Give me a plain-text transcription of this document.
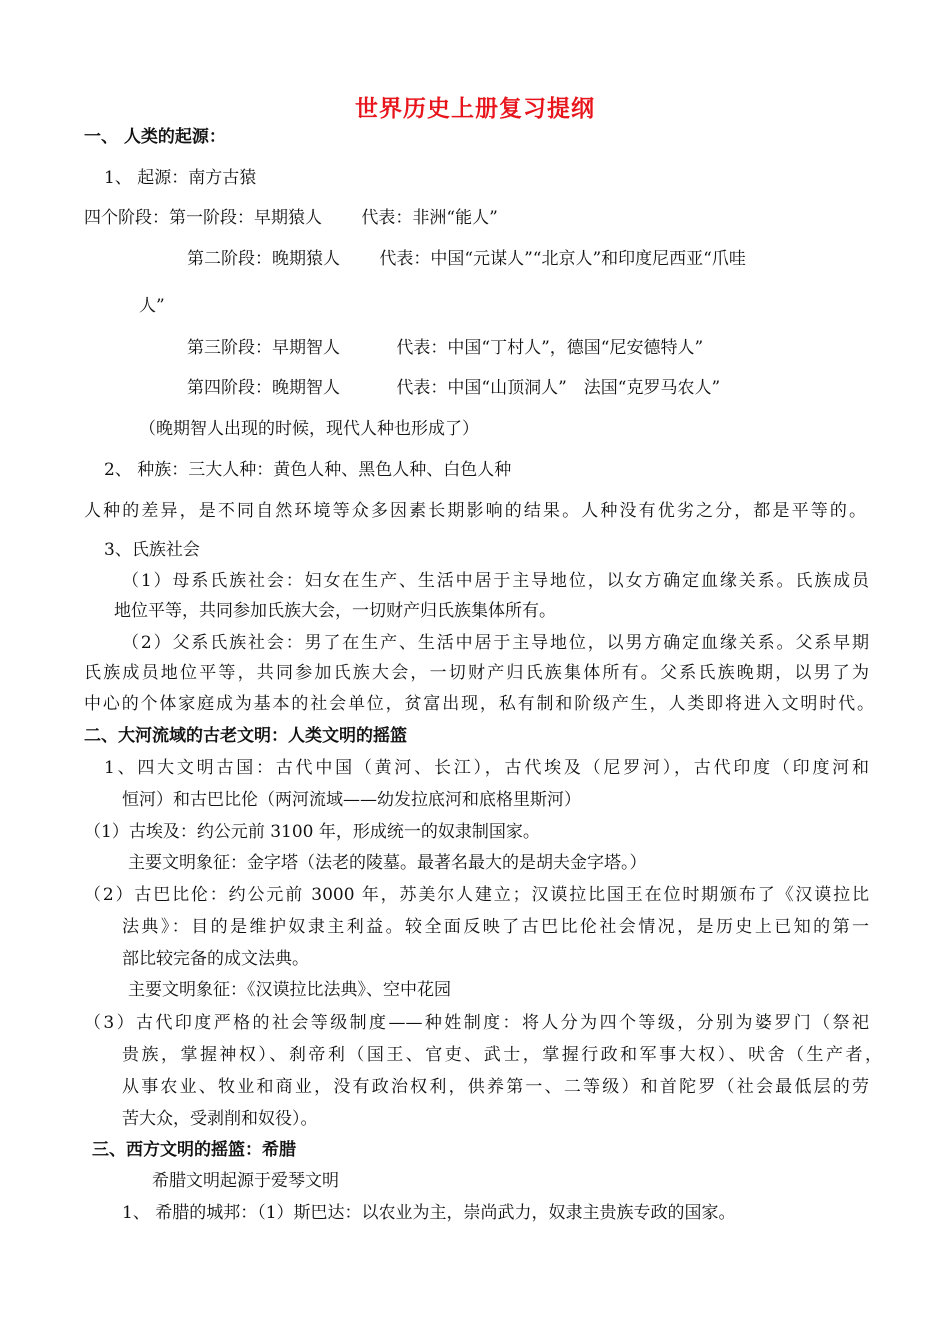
世界历史上册复习提纲
一、 人类的起源：
1、 起源：南方古猿
四个阶段：第一阶段：早期猿人　　 代表：非洲“能人”
第二阶段：晚期猿人　　 代表：中国“元谋人”“北京人”和印度尼西亚“爪哇
人”
第三阶段：早期智人　　　 代表：中国“丁村人”，德国“尼安德特人”
第四阶段：晚期智人　　　 代表：中国“山顶洞人”　法国“克罗马农人”
（晚期智人出现的时候，现代人种也形成了）
2、 种族：三大人种：黄色人种、黑色人种、白色人种
人种的差异，是不同自然环境等众多因素长期影响的结果。人种没有优劣之分，都是平等的。
3、氏族社会
（1）母系氏族社会：妇女在生产、生活中居于主导地位，以女方确定血缘关系。氏族成员
地位平等，共同参加氏族大会，一切财产归氏族集体所有。
（2）父系氏族社会：男了在生产、生活中居于主导地位，以男方确定血缘关系。父系早期
氏族成员地位平等，共同参加氏族大会，一切财产归氏族集体所有。父系氏族晚期，以男了为
中心的个体家庭成为基本的社会单位，贫富出现，私有制和阶级产生，人类即将进入文明时代。
二、大河流域的古老文明：人类文明的摇篮
1、四大文明古国：古代中国（黄河、长江），古代埃及（尼罗河），古代印度（印度河和
恒河）和古巴比伦（两河流域——幼发拉底河和底格里斯河）
（1）古埃及：约公元前 3100 年，形成统一的奴隶制国家。
主要文明象征：金字塔（法老的陵墓。最著名最大的是胡夫金字塔。）
（2）古巴比伦：约公元前 3000 年，苏美尔人建立；汉谟拉比国王在位时期颁布了《汉谟拉比
法典》：目的是维护奴隶主利益。较全面反映了古巴比伦社会情况，是历史上已知的第一
部比较完备的成文法典。
主要文明象征：《汉谟拉比法典》、空中花园
（3）古代印度严格的社会等级制度——种姓制度：将人分为四个等级，分别为婆罗门（祭祀
贵族，掌握神权）、刹帝利（国王、官吏、武士，掌握行政和军事大权）、吠舍（生产者，
从事农业、牧业和商业，没有政治权利，供养第一、二等级）和首陀罗（社会最低层的劳
苦大众，受剥削和奴役）。
三、西方文明的摇篮：希腊
希腊文明起源于爱琴文明
1、 希腊的城邦：（1）斯巴达：以农业为主，崇尚武力，奴隶主贵族专政的国家。
